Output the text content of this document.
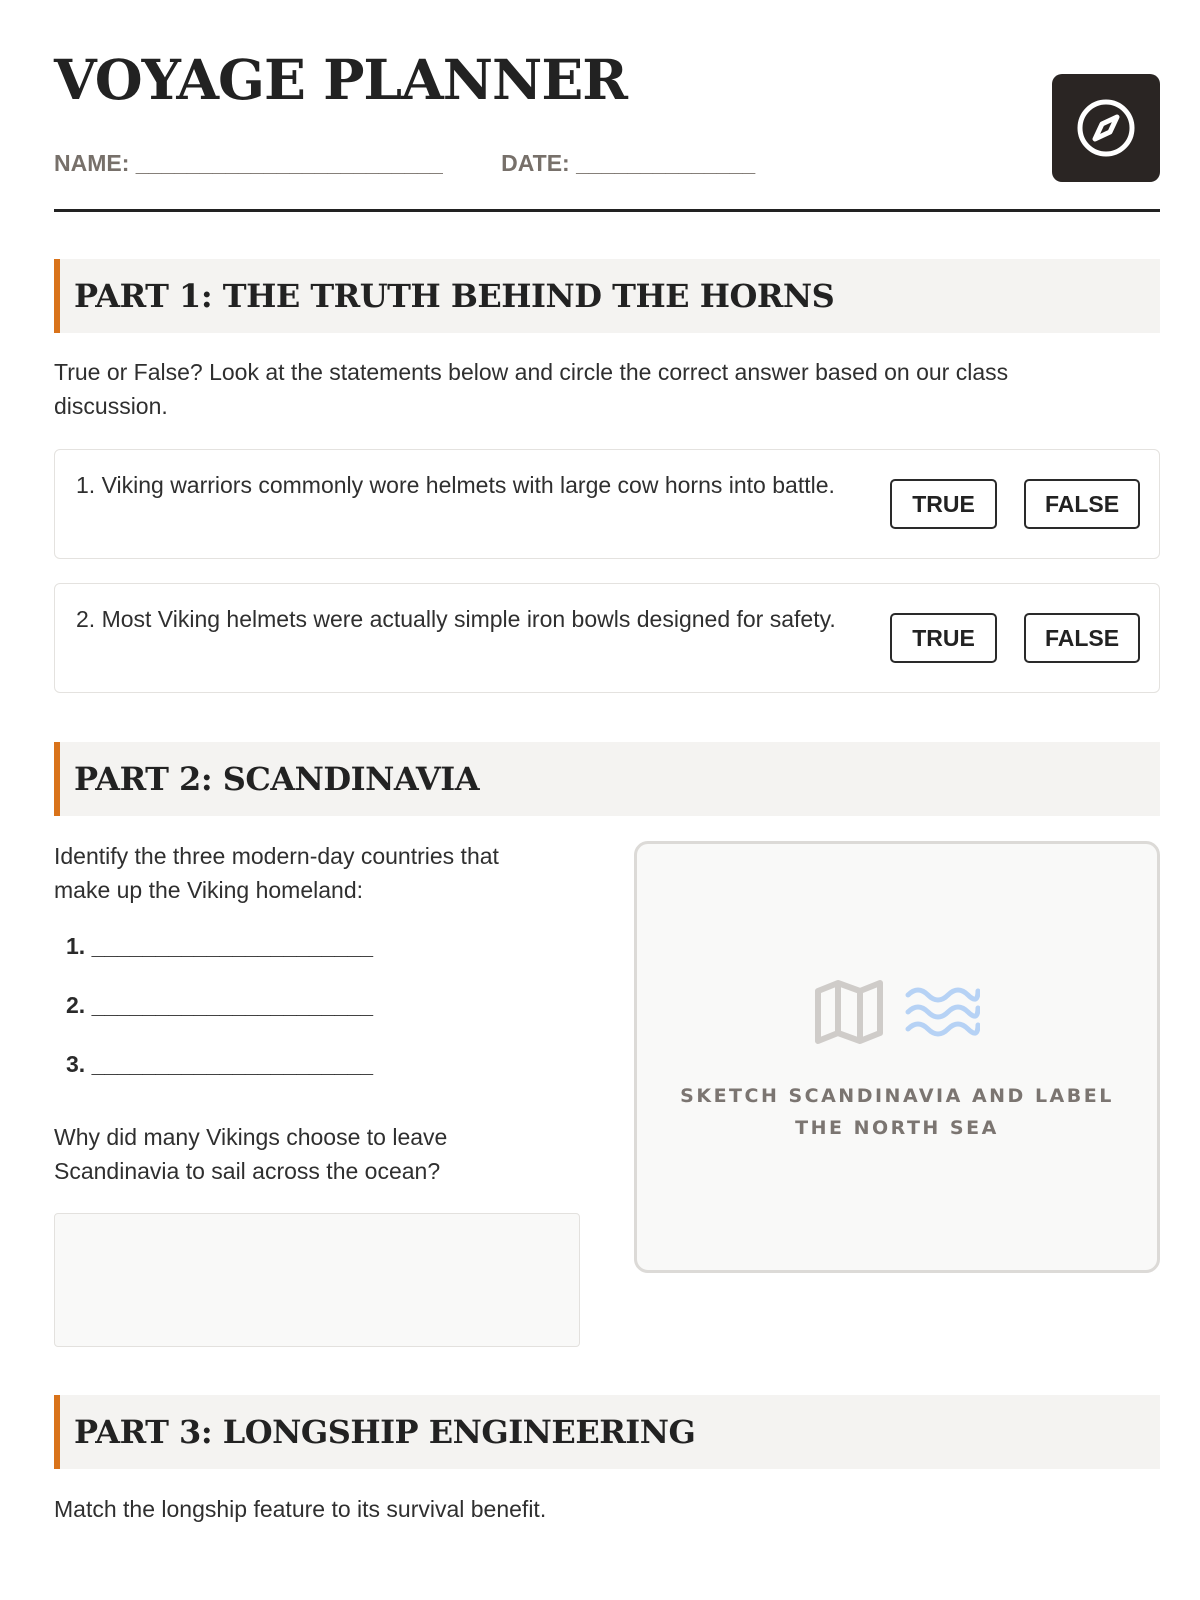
VOYAGE PLANNER
NAME: ________________________	DATE: ______________
PART 1: THE TRUTH BEHIND THE HORNS

True or False? Look at the statements below and circle the correct answer based on our class discussion.

1. Viking warriors commonly wore helmets with large cow horns into battle.
TRUE	FALSE
2. Most Viking helmets were actually simple iron bowls designed for safety.
TRUE	FALSE
PART 2: SCANDINAVIA

Identify the three modern-day countries that make up the Viking homeland:

1. ______________________
2. ______________________
3. ______________________

Why did many Vikings choose to leave Scandinavia to sail across the ocean?

SKETCH SCANDINAVIA AND LABEL THE NORTH SEA
PART 3: LONGSHIP ENGINEERING

Match the longship feature to its survival benefit.
